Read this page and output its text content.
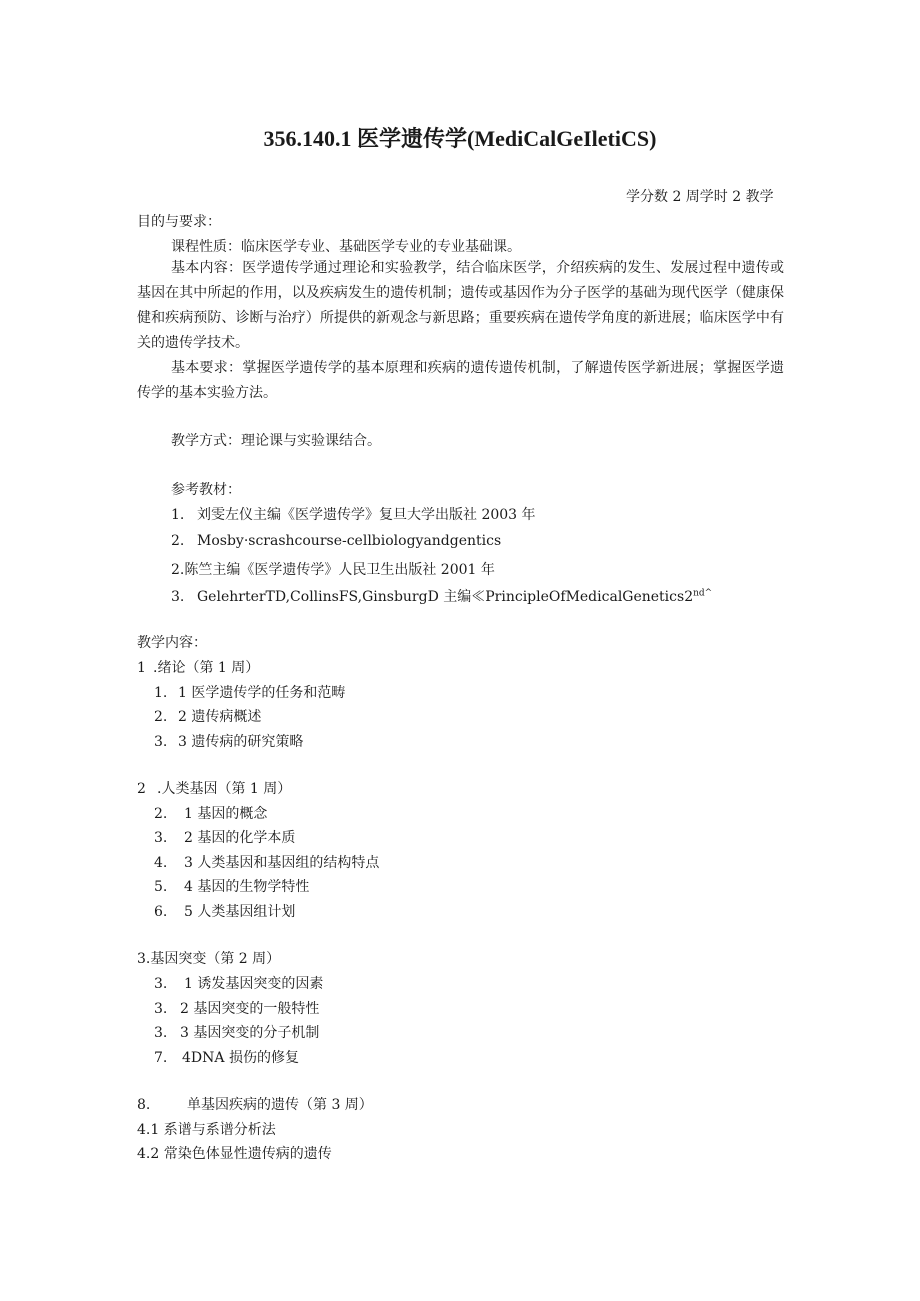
356.140.1 医学遗传学(MediCalGeIletiCS)
学分数 2 周学时 2 教学
目的与要求：
课程性质：临床医学专业、基础医学专业的专业基础课。
基本内容：医学遗传学通过理论和实验教学，结合临床医学，介绍疾病的发生、发展过程中遗传或基因在其中所起的作用，以及疾病发生的遗传机制；遗传或基因作为分子医学的基础为现代医学（健康保健和疾病预防、诊断与治疗）所提供的新观念与新思路；重要疾病在遗传学角度的新进展；临床医学中有关的遗传学技术。
基本要求：掌握医学遗传学的基本原理和疾病的遗传遗传机制，了解遗传医学新进展；掌握医学遗传学的基本实验方法。
教学方式：理论课与实验课结合。
参考教材：
1. 刘雯左仪主编《医学遗传学》复旦大学出版社 2003 年
2. Mosby·scrashcourse-cellbiologyandgentics
2.陈竺主编《医学遗传学》人民卫生出版社 2001 年
3. GelehrterTD,CollinsFS,GinsburgD 主编$≪PrincipleOfMedicalGenetics2^{nd\^{}}$
教学内容：
1 .绪论（第 1 周）
1. 1 医学遗传学的任务和范畴
2. 2 遗传病概述
3. 3 遗传病的研究策略
2 .人类基因（第 1 周）
2. 1 基因的概念
3. 2 基因的化学本质
4. 3 人类基因和基因组的结构特点
5. 4 基因的生物学特性
6. 5 人类基因组计划
3.基因突变（第 2 周）
3. 1 诱发基因突变的因素
3. 2 基因突变的一般特性
3. 3 基因突变的分子机制
7. 4DNA 损伤的修复
8.	单基因疾病的遗传（第 3 周）
4.1 系谱与系谱分析法
4.2 常染色体显性遗传病的遗传
